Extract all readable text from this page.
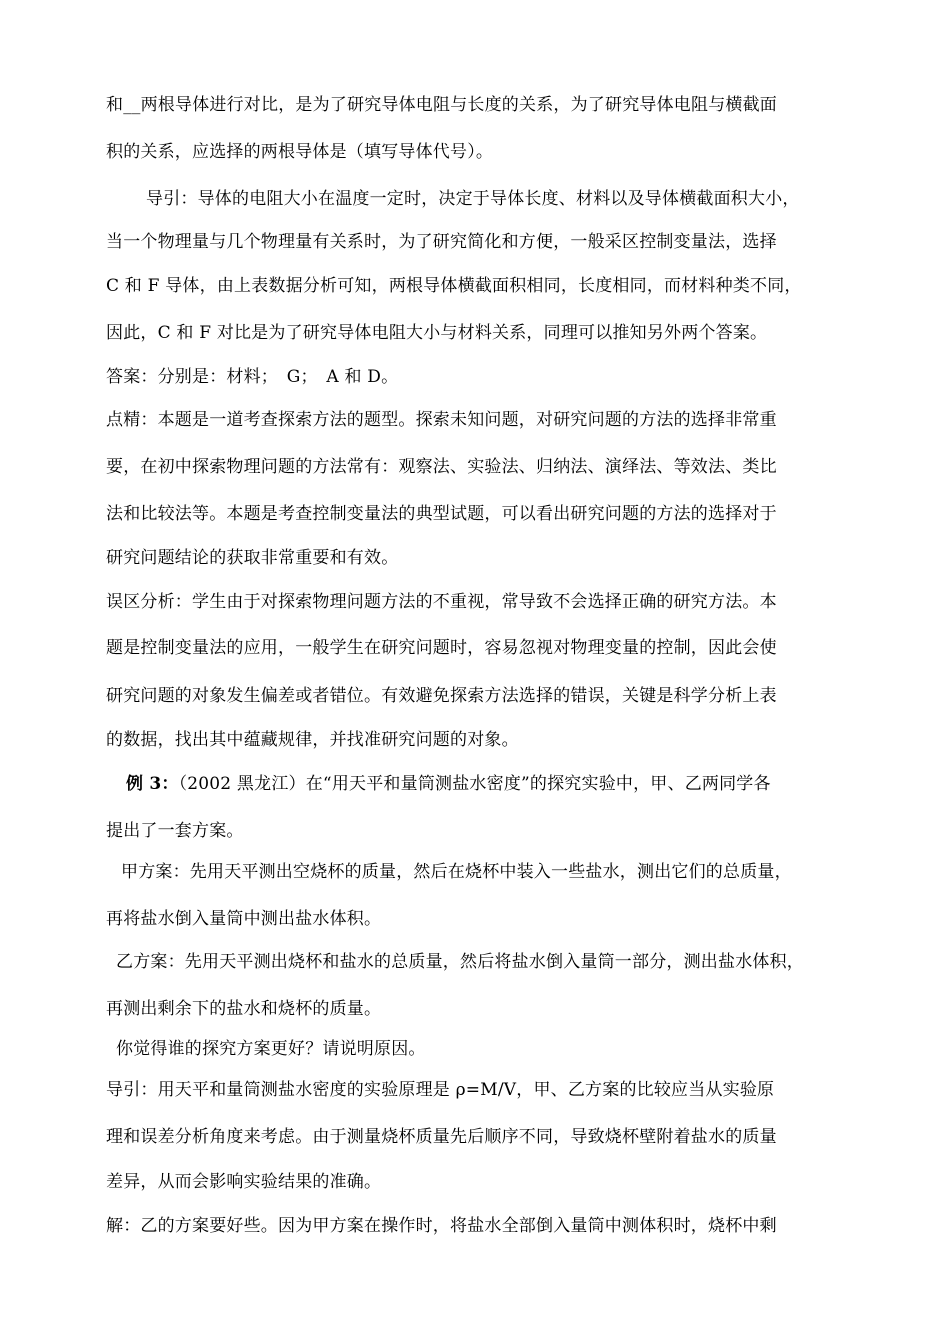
和__两根导体进行对比，是为了研究导体电阻与长度的关系，为了研究导体电阻与横截面
积的关系，应选择的两根导体是（填写导体代号）。
导引：导体的电阻大小在温度一定时，决定于导体长度、材料以及导体横截面积大小，
当一个物理量与几个物理量有关系时，为了研究简化和方便，一般采区控制变量法，选择
C 和 F 导体，由上表数据分析可知，两根导体横截面积相同，长度相同，而材料种类不同，
因此，C 和 F 对比是为了研究导体电阻大小与材料关系，同理可以推知另外两个答案。
答案：分别是：材料；　G；　A 和 D。
点精：本题是一道考查探索方法的题型。探索未知问题，对研究问题的方法的选择非常重
要，在初中探索物理问题的方法常有：观察法、实验法、归纳法、演绎法、等效法、类比
法和比较法等。本题是考查控制变量法的典型试题，可以看出研究问题的方法的选择对于
研究问题结论的获取非常重要和有效。
误区分析：学生由于对探索物理问题方法的不重视，常导致不会选择正确的研究方法。本
题是控制变量法的应用，一般学生在研究问题时，容易忽视对物理变量的控制，因此会使
研究问题的对象发生偏差或者错位。有效避免探索方法选择的错误，关键是科学分析上表
的数据，找出其中蕴藏规律，并找准研究问题的对象。
例 3：（2002 黑龙江）在“用天平和量筒测盐水密度”的探究实验中，甲、乙两同学各
提出了一套方案。
甲方案：先用天平测出空烧杯的质量，然后在烧杯中装入一些盐水，测出它们的总质量，
再将盐水倒入量筒中测出盐水体积。
乙方案：先用天平测出烧杯和盐水的总质量，然后将盐水倒入量筒一部分，测出盐水体积，
再测出剩余下的盐水和烧杯的质量。
你觉得谁的探究方案更好？请说明原因。
导引：用天平和量筒测盐水密度的实验原理是 ρ=M/V，甲、乙方案的比较应当从实验原
理和误差分析角度来考虑。由于测量烧杯质量先后顺序不同，导致烧杯壁附着盐水的质量
差异，从而会影响实验结果的准确。
解：乙的方案要好些。因为甲方案在操作时，将盐水全部倒入量筒中测体积时，烧杯中剩
